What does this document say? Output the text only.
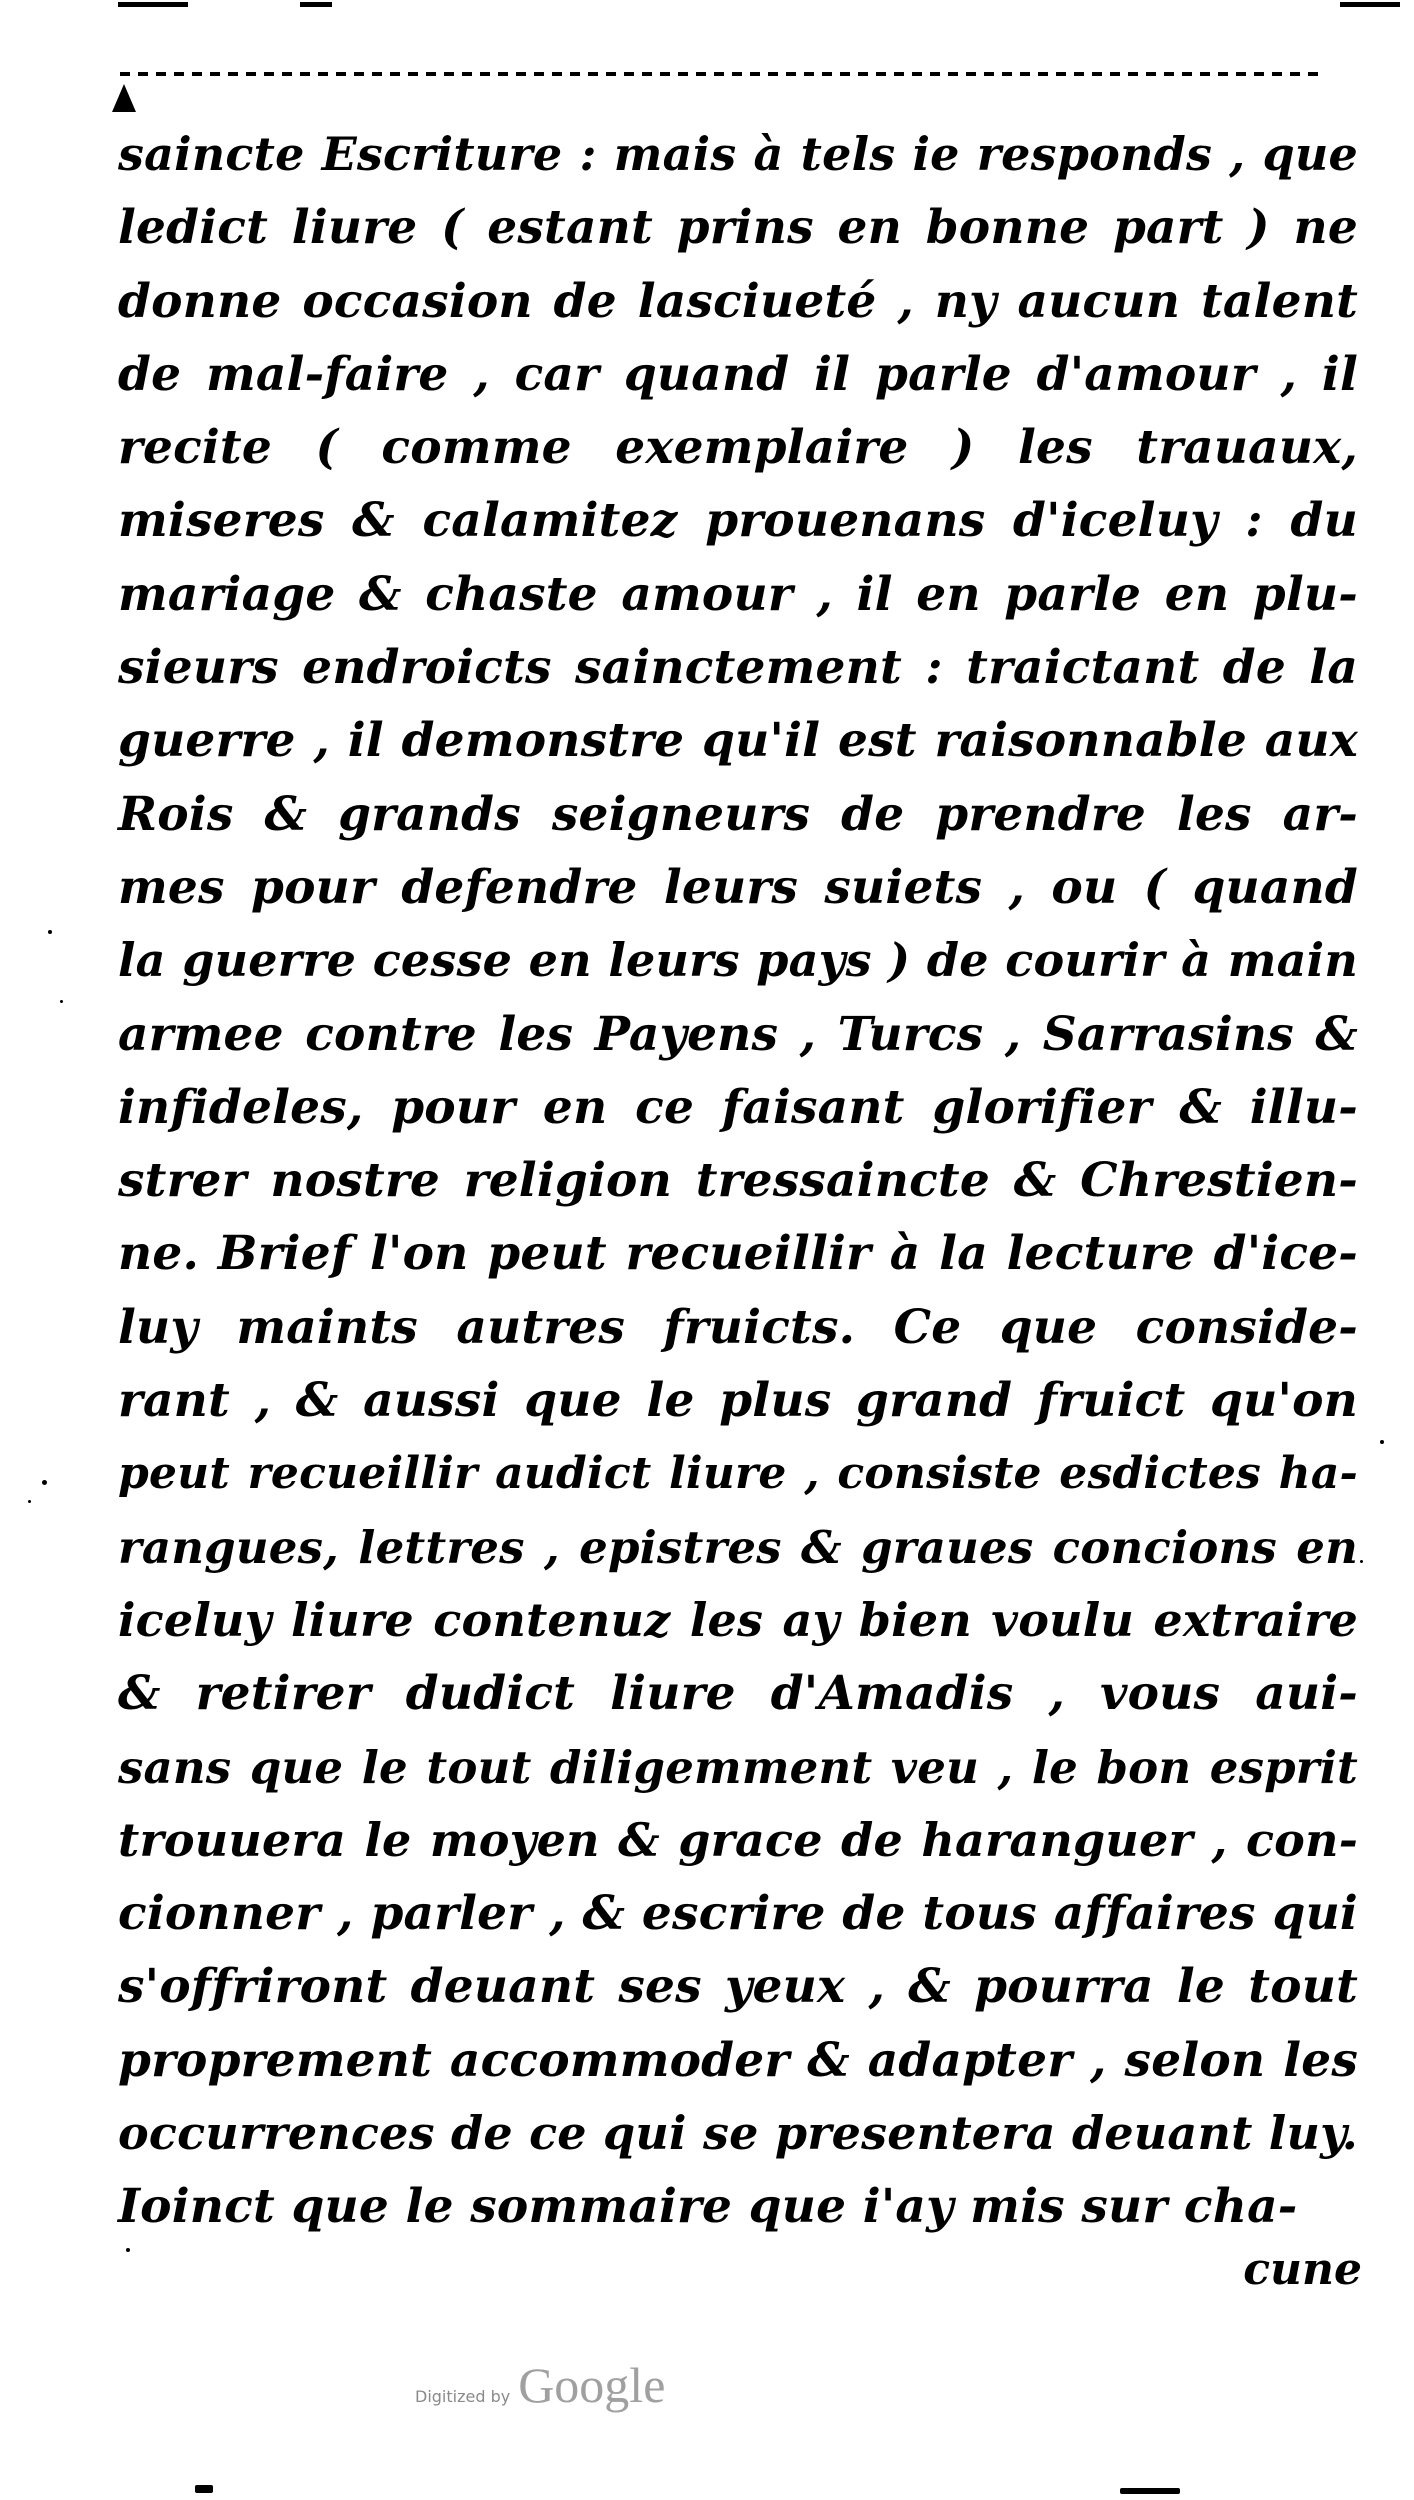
saincte Escriture : mais à tels ie responds , que
ledict liure ( estant prins en bonne part ) ne
donne occasion de lasciueté , ny aucun talent
de mal-faire , car quand il parle d'amour , il
recite ( comme exemplaire ) les trauaux,
miseres & calamitez prouenans d'iceluy : du
mariage & chaste amour , il en parle en plu-
sieurs endroicts sainctement : traictant de la
guerre , il demonstre qu'il est raisonnable aux
Rois & grands seigneurs de prendre les ar-
mes pour defendre leurs suiets , ou ( quand
la guerre cesse en leurs pays ) de courir à main
armee contre les Payens , Turcs , Sarrasins &
infideles, pour en ce faisant glorifier & illu-
strer nostre religion tressaincte & Chrestien-
ne. Brief l'on peut recueillir à la lecture d'ice-
luy maints autres fruicts. Ce que conside-
rant , & aussi que le plus grand fruict qu'on
peut recueillir audict liure , consiste esdictes ha-
rangues, lettres , epistres & graues concions en
iceluy liure contenuz les ay bien voulu extraire
& retirer dudict liure d'Amadis , vous aui-
sans que le tout diligemment veu , le bon esprit
trouuera le moyen & grace de haranguer , con-
cionner , parler , & escrire de tous affaires qui
s'offriront deuant ses yeux , & pourra le tout
proprement accommoder & adapter , selon les
occurrences de ce qui se presentera deuant luy.
Ioinct que le sommaire que i'ay mis sur cha-
cune
Digitized by Google
